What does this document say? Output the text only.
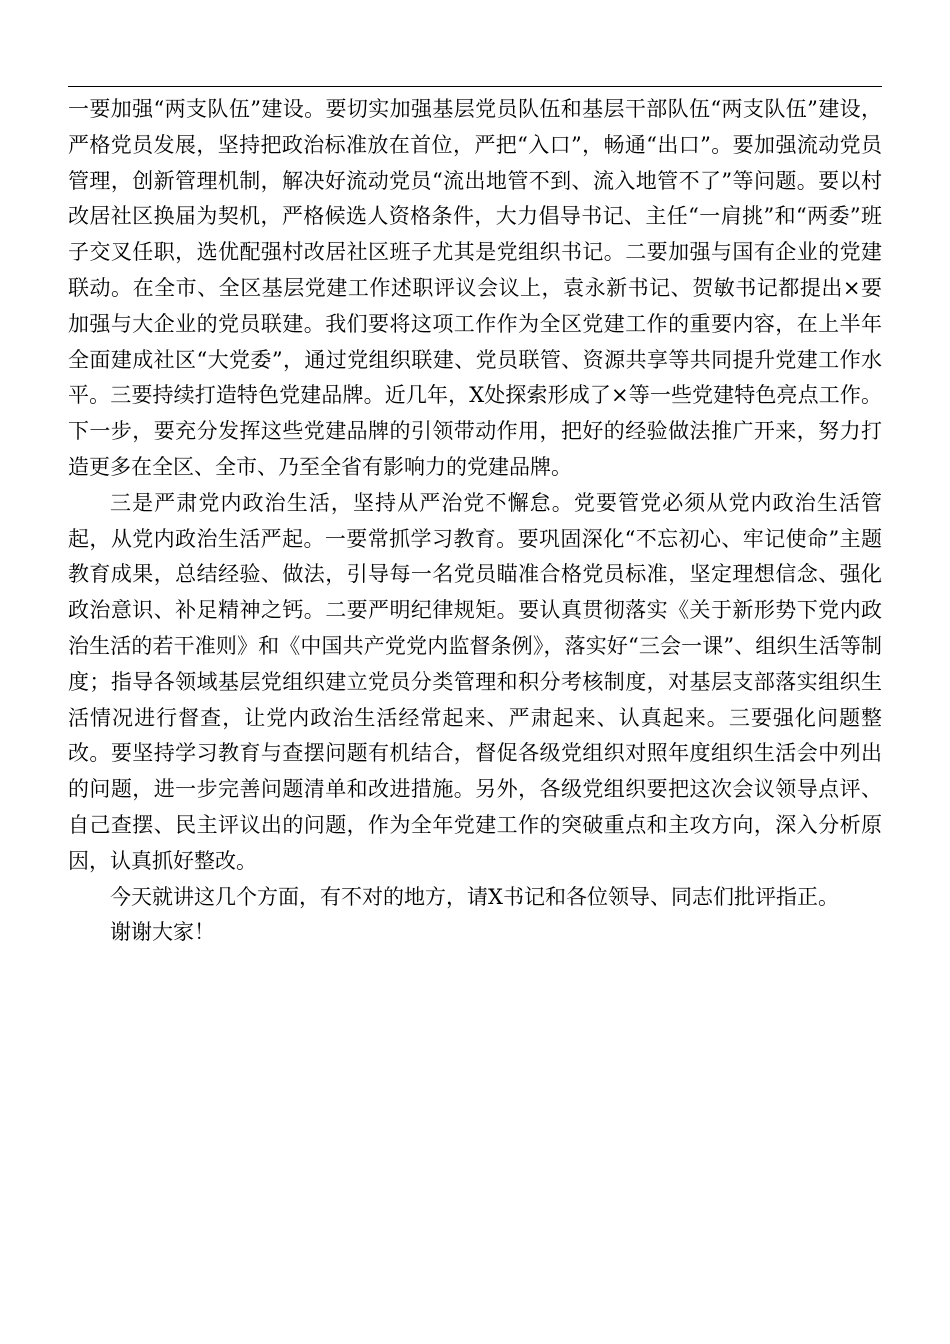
一要加强“两支队伍”建设。要切实加强基层党员队伍和基层干部队伍“两支队伍”建设，严格党员发展，坚持把政治标准放在首位，严把“入口”，畅通“出口”。要加强流动党员管理，创新管理机制，解决好流动党员“流出地管不到、流入地管不了”等问题。要以村改居社区换届为契机，严格候选人资格条件，大力倡导书记、主任“一肩挑”和“两委”班子交叉任职，选优配强村改居社区班子尤其是党组织书记。二要加强与国有企业的党建联动。在全市、全区基层党建工作述职评议会议上，袁永新书记、贺敏书记都提出×要加强与大企业的党员联建。我们要将这项工作作为全区党建工作的重要内容，在上半年全面建成社区“大党委”，通过党组织联建、党员联管、资源共享等共同提升党建工作水平。三要持续打造特色党建品牌。近几年，X处探索形成了×等一些党建特色亮点工作。下一步，要充分发挥这些党建品牌的引领带动作用，把好的经验做法推广开来，努力打造更多在全区、全市、乃至全省有影响力的党建品牌。

三是严肃党内政治生活，坚持从严治党不懈怠。党要管党必须从党内政治生活管起，从党内政治生活严起。一要常抓学习教育。要巩固深化“不忘初心、牢记使命”主题教育成果，总结经验、做法，引导每一名党员瞄准合格党员标准，坚定理想信念、强化政治意识、补足精神之钙。二要严明纪律规矩。要认真贯彻落实《关于新形势下党内政治生活的若干准则》和《中国共产党党内监督条例》，落实好“三会一课”、组织生活等制度；指导各领域基层党组织建立党员分类管理和积分考核制度，对基层支部落实组织生活情况进行督查，让党内政治生活经常起来、严肃起来、认真起来。三要强化问题整改。要坚持学习教育与查摆问题有机结合，督促各级党组织对照年度组织生活会中列出的问题，进一步完善问题清单和改进措施。另外，各级党组织要把这次会议领导点评、自己查摆、民主评议出的问题，作为全年党建工作的突破重点和主攻方向，深入分析原因，认真抓好整改。

今天就讲这几个方面，有不对的地方，请X书记和各位领导、同志们批评指正。

谢谢大家！
